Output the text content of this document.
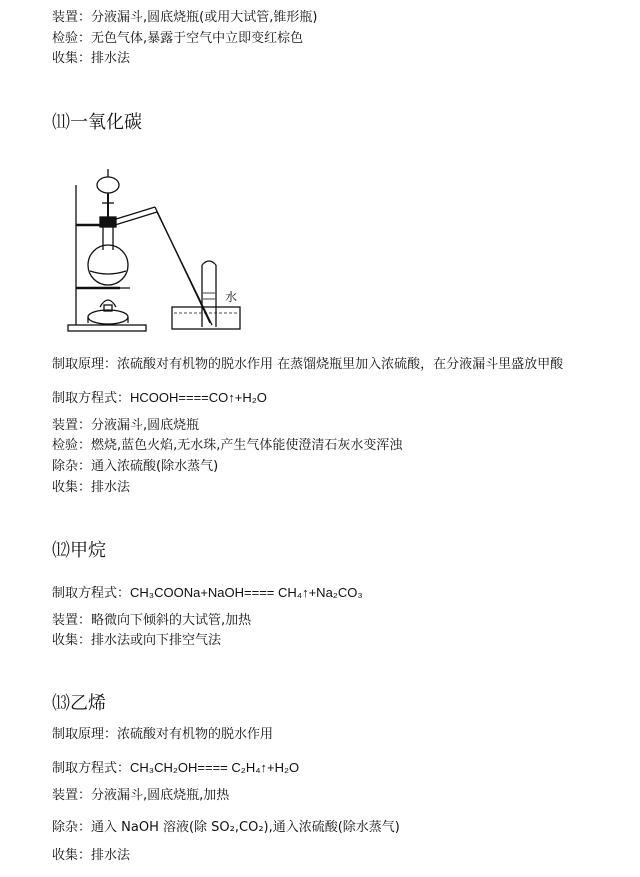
装置：分液漏斗,圆底烧瓶(或用大试管,锥形瓶)
检验：无色气体,暴露于空气中立即变红棕色
收集：排水法
⑾一氧化碳
水
制取原理：浓硫酸对有机物的脱水作用 在蒸馏烧瓶里加入浓硫酸，在分液漏斗里盛放甲酸
制取方程式：HCOOH====CO↑+H₂O
装置：分液漏斗,圆底烧瓶
检验：燃烧,蓝色火焰,无水珠,产生气体能使澄清石灰水变浑浊
除杂：通入浓硫酸(除水蒸气)
收集：排水法
⑿甲烷
制取方程式：CH₃COONa+NaOH==== CH₄↑+Na₂CO₃
装置：略微向下倾斜的大试管,加热
收集：排水法或向下排空气法
⒀乙烯
制取原理：浓硫酸对有机物的脱水作用
制取方程式：CH₃CH₂OH==== C₂H₄↑+H₂O
装置：分液漏斗,圆底烧瓶,加热
除杂：通入 NaOH 溶液(除 SO₂,CO₂),通入浓硫酸(除水蒸气)
收集：排水法
